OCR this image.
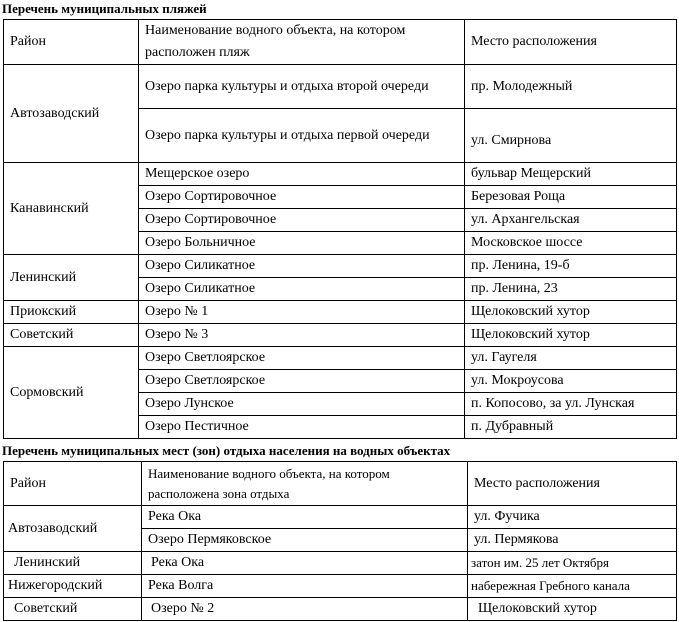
Перечень муниципальных пляжей
Район	Наименование водного объекта, на котором расположен пляж	Место расположения
Автозаводский	Озеро парка культуры и отдыха второй очереди	пр. Молодежный
	Озеро парка культуры и отдыха первой очереди	ул. Смирнова
Канавинский	Мещерское озеро	бульвар Мещерский
	Озеро Сортировочное	Березовая Роща
	Озеро Сортировочное	ул. Архангельская
	Озеро Больничное	Московское шоссе
Ленинский	Озеро Силикатное	пр. Ленина, 19-б
	Озеро Силикатное	пр. Ленина, 23
Приокский	Озеро № 1	Щелоковский хутор
Советский	Озеро № 3	Щелоковский хутор
Сормовский	Озеро Светлоярское	ул. Гаугеля
	Озеро Светлоярское	ул. Мокроусова
	Озеро Лунское	п. Копосово, за ул. Лунская
	Озеро Пестичное	п. Дубравный
Перечень муниципальных мест (зон) отдыха населения на водных объектах
Район	Наименование водного объекта, на котором расположена зона отдыха	Место расположения
Автозаводский	Река Ока	ул. Фучика
	Озеро Пермяковское	ул. Пермякова
Ленинский	Река Ока	затон им. 25 лет Октября
Нижегородский	Река Волга	набережная Гребного канала
Советский	Озеро № 2	Щелоковский хутор
